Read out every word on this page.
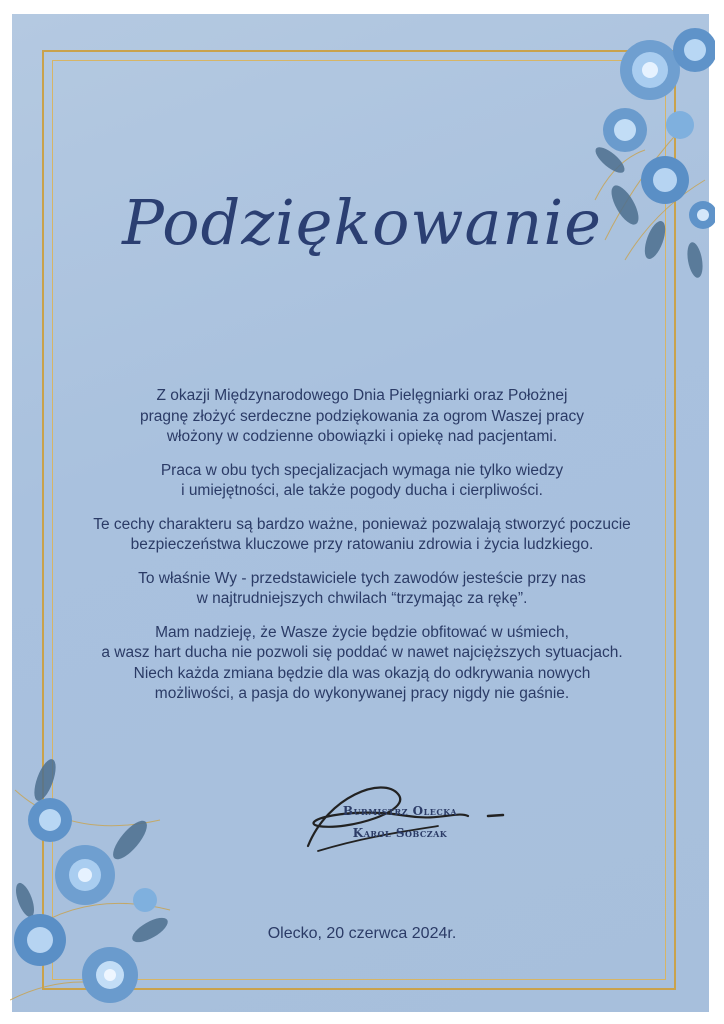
Podziękowanie

Z okazji Międzynarodowego Dnia Pielęgniarki oraz Położnej
pragnę złożyć serdeczne podziękowania za ogrom Waszej pracy
włożony w codzienne obowiązki i opiekę nad pacjentami.

Praca w obu tych specjalizacjach wymaga nie tylko wiedzy
i umiejętności, ale także pogody ducha i cierpliwości.

Te cechy charakteru są bardzo ważne, ponieważ pozwalają stworzyć poczucie
bezpieczeństwa kluczowe przy ratowaniu zdrowia i życia ludzkiego.

To właśnie Wy - przedstawiciele tych zawodów jesteście przy nas
w najtrudniejszych chwilach “trzymając za rękę”.

Mam nadzieję, że Wasze życie będzie obfitować w uśmiech,
a wasz hart ducha nie pozwoli się poddać w nawet najcięższych sytuacjach.
Niech każda zmiana będzie dla was okazją do odkrywania nowych
możliwości, a pasja do wykonywanej pracy nigdy nie gaśnie.

Burmistrz Olecka
Karol Sobczak
Olecko, 20 czerwca 2024r.
